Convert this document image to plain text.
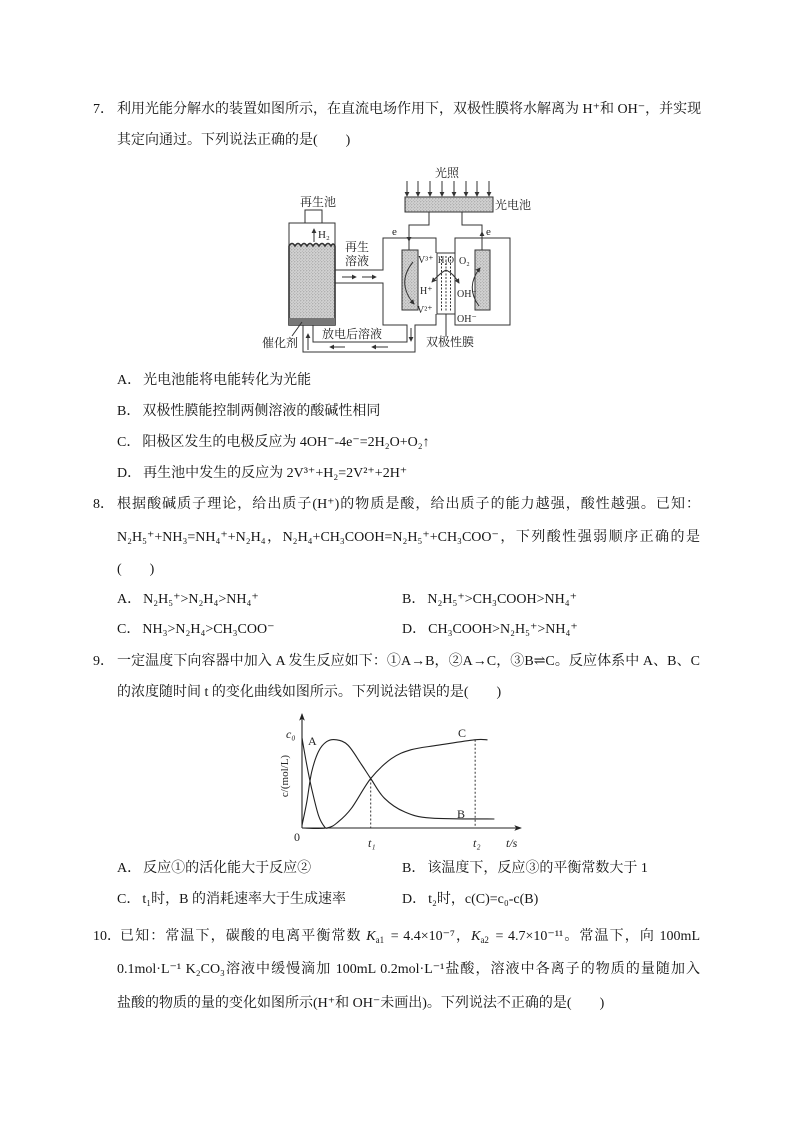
7． 利用光能分解水的装置如图所示，在直流电场作用下，双极性膜将水解离为 H⁺和 OH⁻，并实现
其定向通过。下列说法正确的是(　　)
光照
光电池
e	e
再生池
H₂
再生
溶液	V³⁺ H₂O O₂
H⁺ OH⁻
V²⁺
OH⁻
催化剂
放电后溶液
双极性膜
A． 光电池能将电能转化为光能
B． 双极性膜能控制两侧溶液的酸碱性相同
C． 阳极区发生的电极反应为 4OH⁻-4e⁻=2H₂O+O₂↑
D． 再生池中发生的反应为 2V³⁺+H₂=2V²⁺+2H⁺
8． 根据酸碱质子理论，给出质子(H⁺)的物质是酸，给出质子的能力越强，酸性越强。已知：
N₂H₅⁺+NH₃=NH₄⁺+N₂H₄，N₂H₄+CH₃COOH=N₂H₅⁺+CH₃COO⁻，下列酸性强弱顺序正确的是
(　　)
A． N₂H₅⁺>N₂H₄>NH₄⁺	B． N₂H₅⁺>CH₃COOH>NH₄⁺
C． NH₃>N₂H₄>CH₃COO⁻	D． CH₃COOH>N₂H₅⁺>NH₄⁺
9． 一定温度下向容器中加入 A 发生反应如下：①A→B，②A→C，③B⇌C。反应体系中 A、B、C
的浓度随时间 t 的变化曲线如图所示。下列说法错误的是(　　)
c₀
0	t₁	t₂ t/s
c/(mol/L)
A
C
B
A． 反应①的活化能大于反应②	B． 该温度下，反应③的平衡常数大于 1
C． t₁时，B 的消耗速率大于生成速率	D． t₂时，c(C)=c₀-c(B)
10． 已知：常温下，碳酸的电离平衡常数 $K_{a1} = 4.4\times 10^{-7}$，$K_{a2} = 4.7\times 10^{-11}$。常温下，向 100mL
0.1mol·L⁻¹ K₂CO₃溶液中缓慢滴加 100mL 0.2mol·L⁻¹盐酸，溶液中各离子的物质的量随加入
盐酸的物质的量的变化如图所示(H⁺和 OH⁻未画出)。下列说法不正确的是(　　)
